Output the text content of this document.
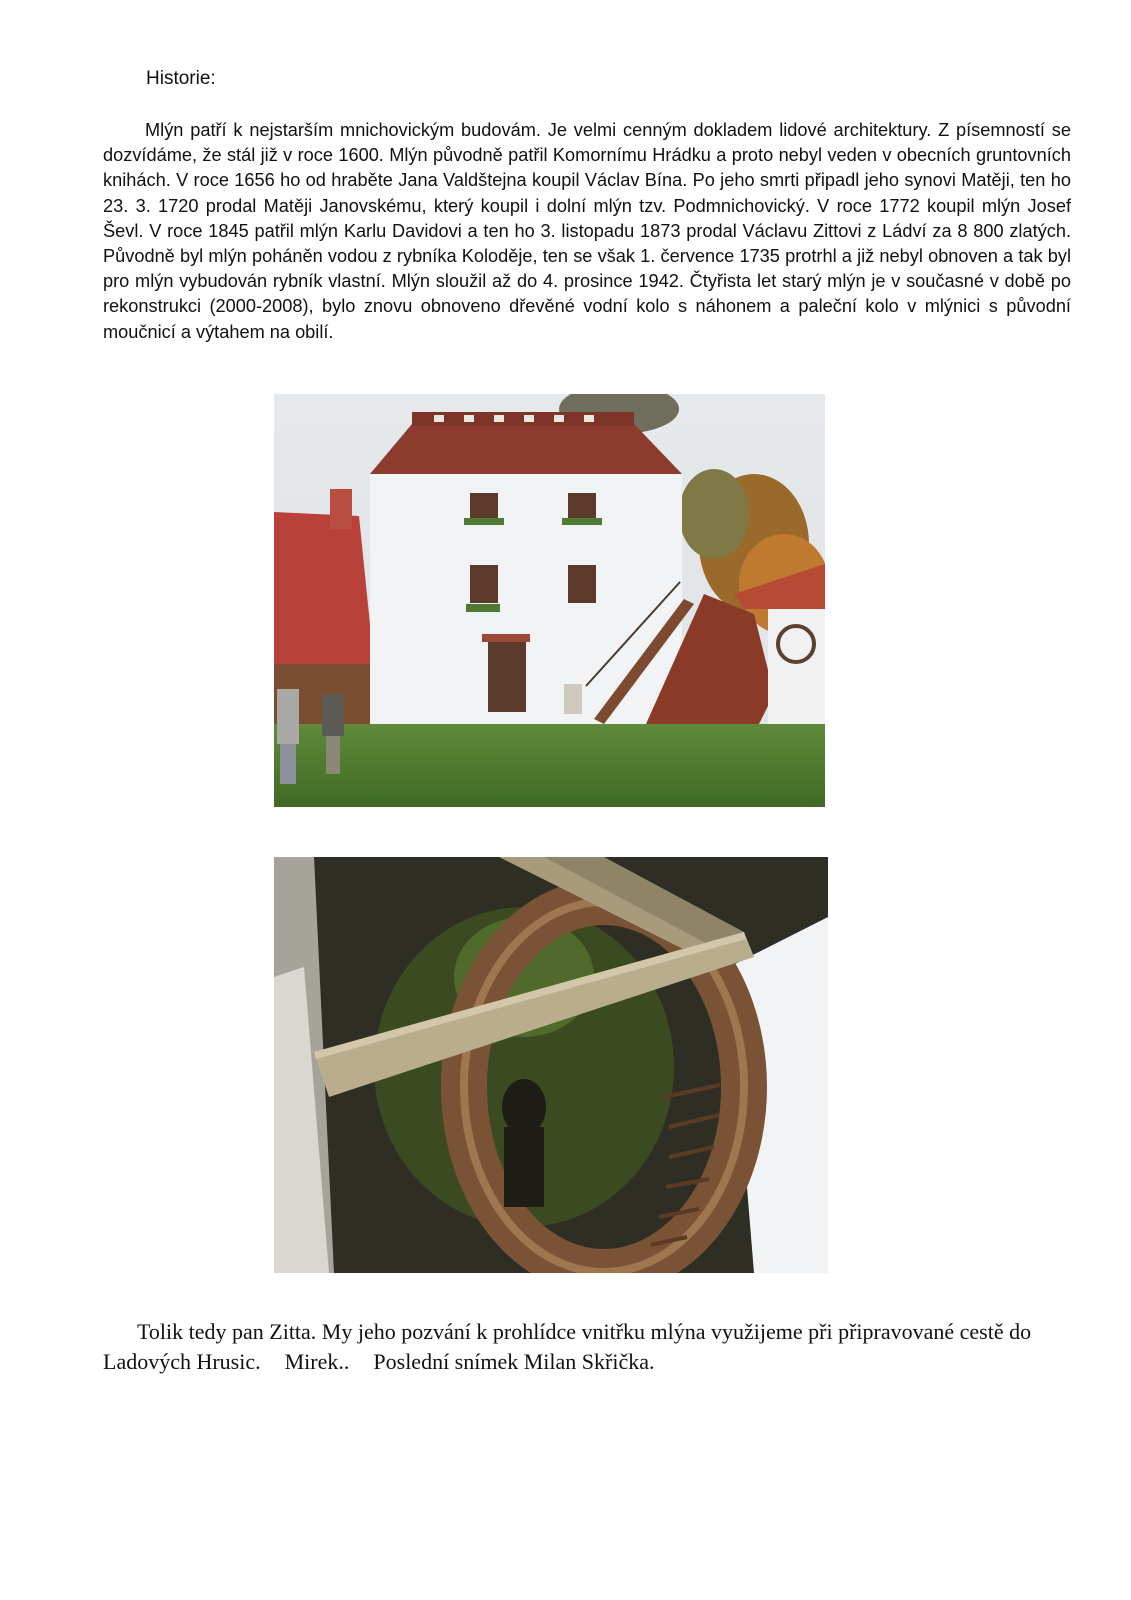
Historie:

Mlýn patří k nejstarším mnichovickým budovám. Je velmi cenným dokladem lidové architektury. Z písemností se dozvídáme, že stál již v roce 1600. Mlýn původně patřil Komornímu Hrádku a proto nebyl veden v obecních gruntovních knihách. V roce 1656 ho od hraběte Jana Valdštejna koupil Václav Bína. Po jeho smrti připadl jeho synovi Matěji, ten ho 23. 3. 1720 prodal Matěji Janovskému, který koupil i dolní mlýn tzv. Podmnichovický. V roce 1772 koupil mlýn Josef Ševl. V roce 1845 patřil mlýn Karlu Davidovi a ten ho 3. listopadu 1873 prodal Václavu Zittovi z Ládví za 8 800 zlatých. Původně byl mlýn poháněn vodou z rybníka Koloděje, ten se však 1. července 1735 protrhl a již nebyl obnoven a tak byl pro mlýn vybudován rybník vlastní. Mlýn sloužil až do 4. prosince 1942. Čtyřista let starý mlýn je v současné v době po rekonstrukci (2000-2008), bylo znovu obnoveno dřevěné vodní kolo s náhonem a paleční kolo v mlýnici s původní moučnicí a výtahem na obilí.

Tolik tedy pan Zitta. My jeho pozvání k prohlídce vnitřku mlýna využijeme při připravované cestě do Ladových Hrusic. Mirek.. Poslední snímek Milan Skřička.
